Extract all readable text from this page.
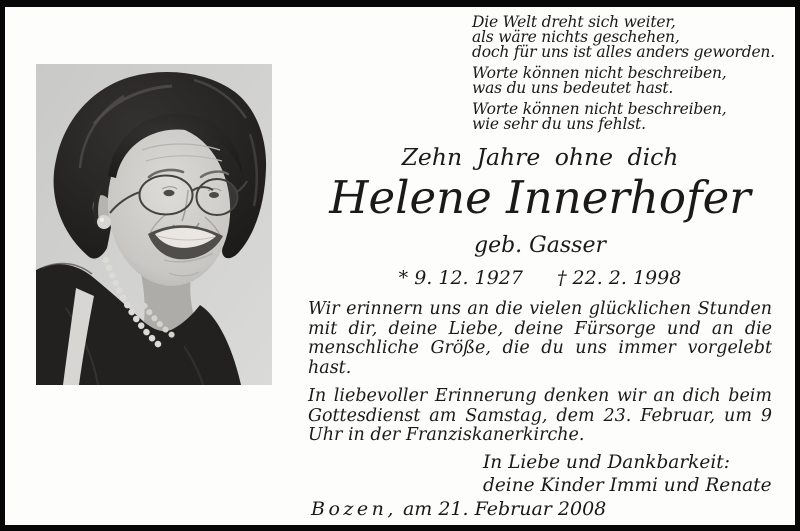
Die Welt dreht sich weiter,
als wäre nichts geschehen,
doch für uns ist alles anders geworden.
Worte können nicht beschreiben,
was du uns bedeutet hast.
Worte können nicht beschreiben,
wie sehr du uns fehlst.
Zehn Jahre ohne dich
Helene Innerhofer
geb. Gasser
* 9. 12. 1927 † 22. 2. 1998
Wir erinnern uns an die vielen glücklichen Stunden mit dir, deine Liebe, deine Fürsorge und an die menschliche Größe, die du uns immer vorgelebt hast.
In liebevoller Erinnerung denken wir an dich beim Gottesdienst am Samstag, dem 23. Februar, um 9 Uhr in der Franziskanerkirche.
In Liebe und Dankbarkeit:
deine Kinder Immi und Renate
Bozen, am 21. Februar 2008
